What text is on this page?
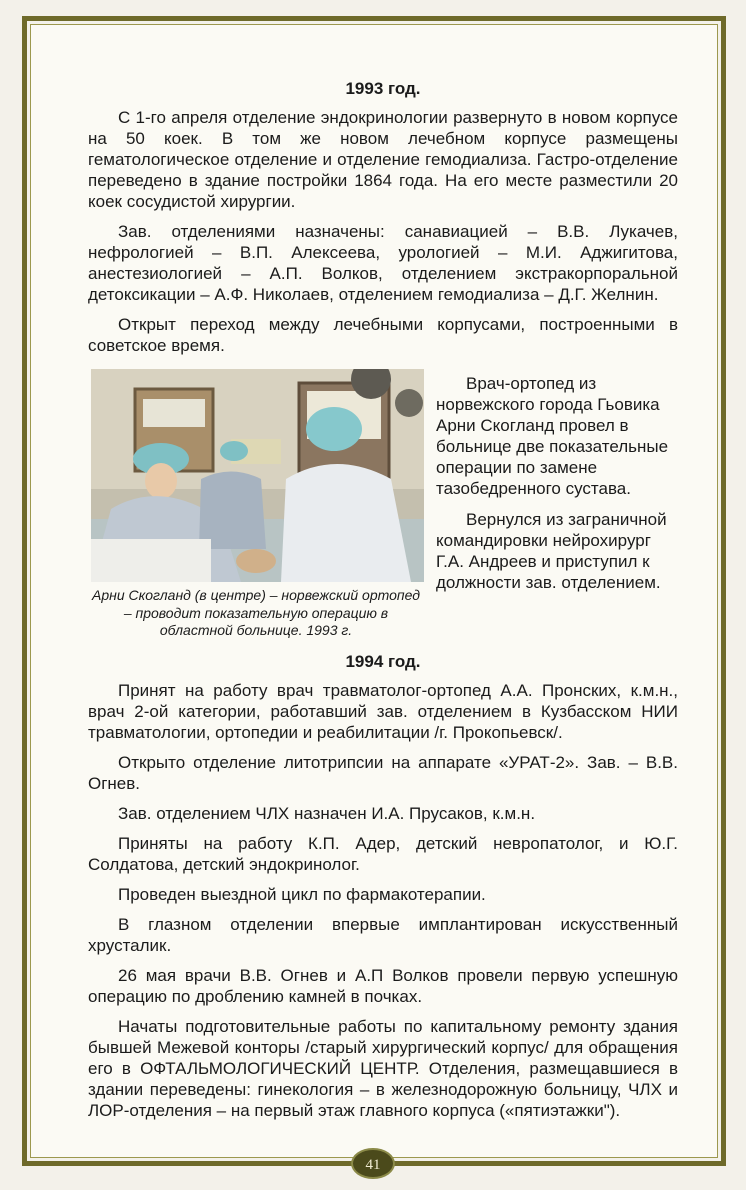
1993 год.

С 1-го апреля отделение эндокринологии развернуто в новом корпусе на 50 коек. В том же новом лечебном корпусе размещены гематологическое отделение и отделение гемодиализа. Гастро-отделение переведено в здание постройки 1864 года. На его месте разместили 20 коек сосудистой хирургии.

Зав. отделениями назначены: санавиацией – В.В. Лукачев, нефрологией – В.П. Алексеева, урологией – М.И. Аджигитова, анестезиологией – А.П. Волков, отделением экстракорпоральной детоксикации – А.Ф. Николаев, отделением гемодиализа – Д.Г. Желнин.

Открыт переход между лечебными корпусами, построенными в советское время.

Арни Скогланд (в центре) – норвежский ортопед – проводит показательную операцию в областной больнице. 1993 г.

Врач-ортопед из норвежского города Гьовика Арни Скогланд провел в больнице две показательные операции по замене тазобедренного сустава.

Вернулся из заграничной командировки нейрохирург Г.А. Андреев и приступил к должности зав. отделением.

1994 год.

Принят на работу врач травматолог-ортопед А.А. Пронских, к.м.н., врач 2-ой категории, работавший зав. отделением в Кузбасском НИИ травматологии, ортопедии и реабилитации /г. Прокопьевск/.

Открыто отделение литотрипсии на аппарате «УРАТ-2». Зав. – В.В. Огнев.

Зав. отделением ЧЛХ назначен И.А. Прусаков, к.м.н.

Приняты на работу К.П. Адер, детский невропатолог, и Ю.Г. Солдатова, детский эндокринолог.

Проведен выездной цикл по фармакотерапии.

В глазном отделении впервые имплантирован искусственный хрусталик.

26 мая врачи В.В. Огнев и А.П Волков провели первую успешную операцию по дроблению камней в почках.

Начаты подготовительные работы по капитальному ремонту здания бывшей Межевой конторы /старый хирургический корпус/ для обращения его в ОФТАЛЬМОЛОГИЧЕСКИЙ ЦЕНТР. Отделения, размещавшиеся в здании переведены: гинекология – в железнодорожную больницу, ЧЛХ и ЛОР-отделения – на первый этаж главного корпуса («пятиэтажки").

41
